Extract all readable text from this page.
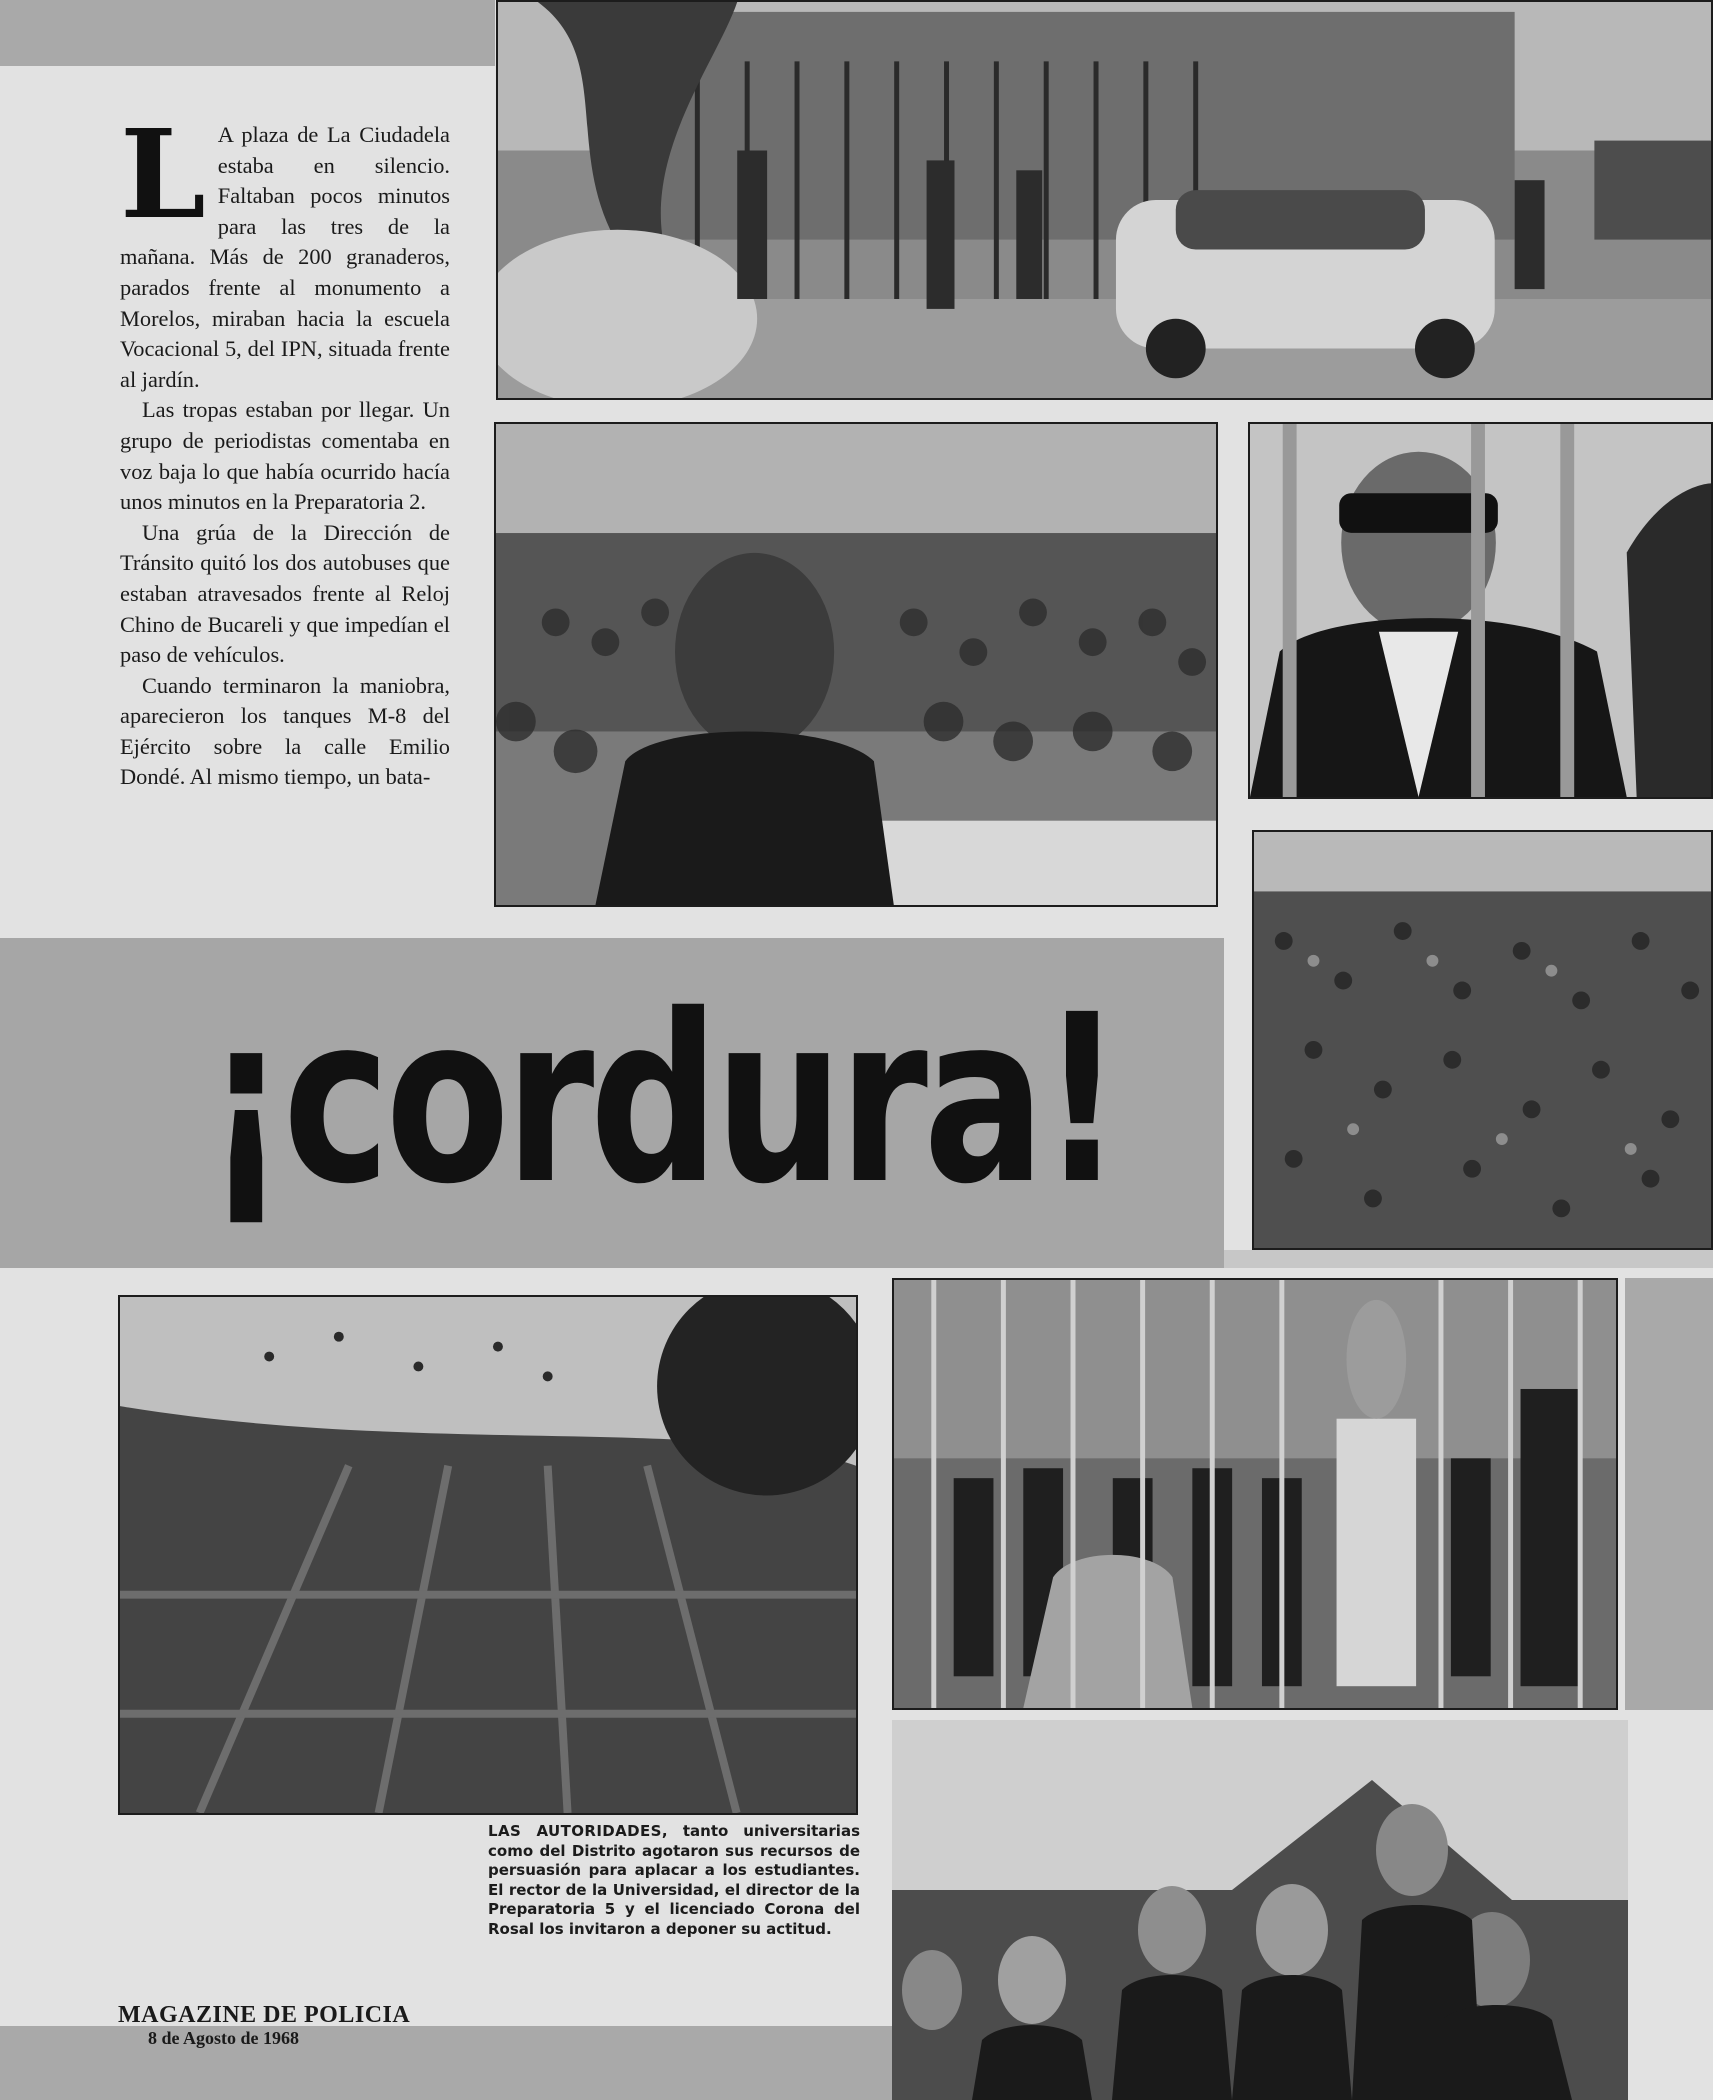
L A plaza de La Ciudadela estaba en silencio. Faltaban pocos minutos para las tres de la mañana. Más de 200 granaderos, parados frente al monumento a Morelos, miraban hacia la escuela Vocacional 5, del IPN, situada frente al jardín.

Las tropas estaban por llegar. Un grupo de periodistas comentaba en voz baja lo que había ocurrido hacía unos minutos en la Preparatoria 2.

Una grúa de la Dirección de Tránsito quitó los dos autobuses que estaban atravesados frente al Reloj Chino de Bucareli y que impedían el paso de vehículos.

Cuando terminaron la maniobra, aparecieron los tanques M-8 del Ejército sobre la calle Emilio Dondé. Al mismo tiempo, un bata-

¡cordura!
LAS AUTORIDADES, tanto universitarias como del Distrito agotaron sus recursos de persuasión para aplacar a los estudiantes. El rector de la Universidad, el director de la Preparatoria 5 y el licenciado Corona del Rosal los invitaron a deponer su actitud.
MAGAZINE DE POLICIA
8 de Agosto de 1968
